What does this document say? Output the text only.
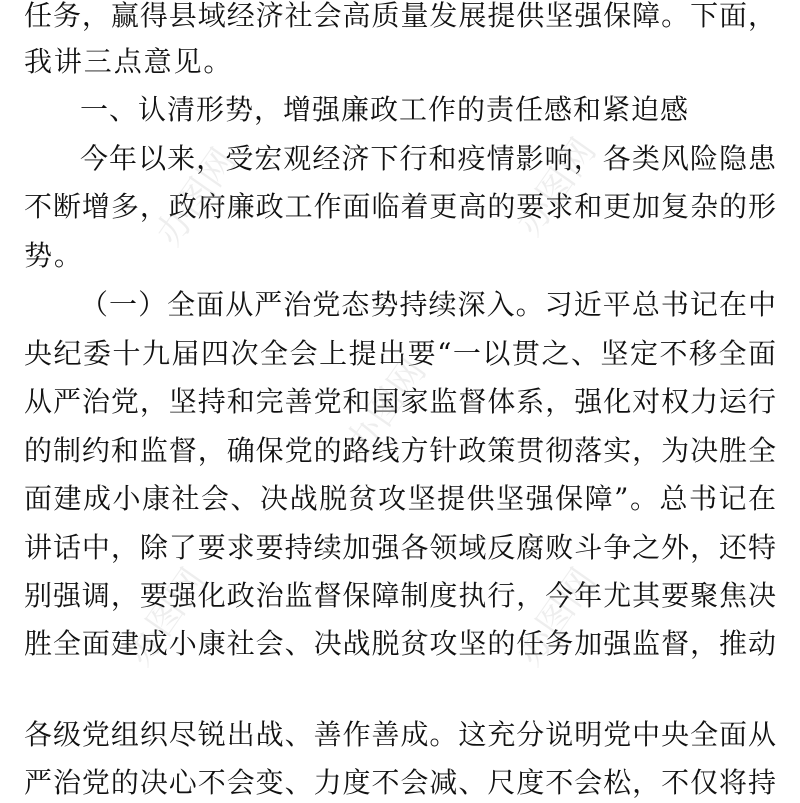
任务，赢得县域经济社会高质量发展提供坚强保障。下面，
我讲三点意见。
一、认清形势，增强廉政工作的责任感和紧迫感
今年以来，受宏观经济下行和疫情影响，各类风险隐患
不断增多，政府廉政工作面临着更高的要求和更加复杂的形
势。
（一）全面从严治党态势持续深入。习近平总书记在中
央纪委十九届四次全会上提出要“一以贯之、坚定不移全面
从严治党，坚持和完善党和国家监督体系，强化对权力运行
的制约和监督，确保党的路线方针政策贯彻落实，为决胜全
面建成小康社会、决战脱贫攻坚提供坚强保障”。总书记在
讲话中，除了要求要持续加强各领域反腐败斗争之外，还特
别强调，要强化政治监督保障制度执行，今年尤其要聚焦决
胜全面建成小康社会、决战脱贫攻坚的任务加强监督，推动
各级党组织尽锐出战、善作善成。这充分说明党中央全面从
严治党的决心不会变、力度不会减、尺度不会松，不仅将持
办图网	办图网
办图网
办图网	办图网
